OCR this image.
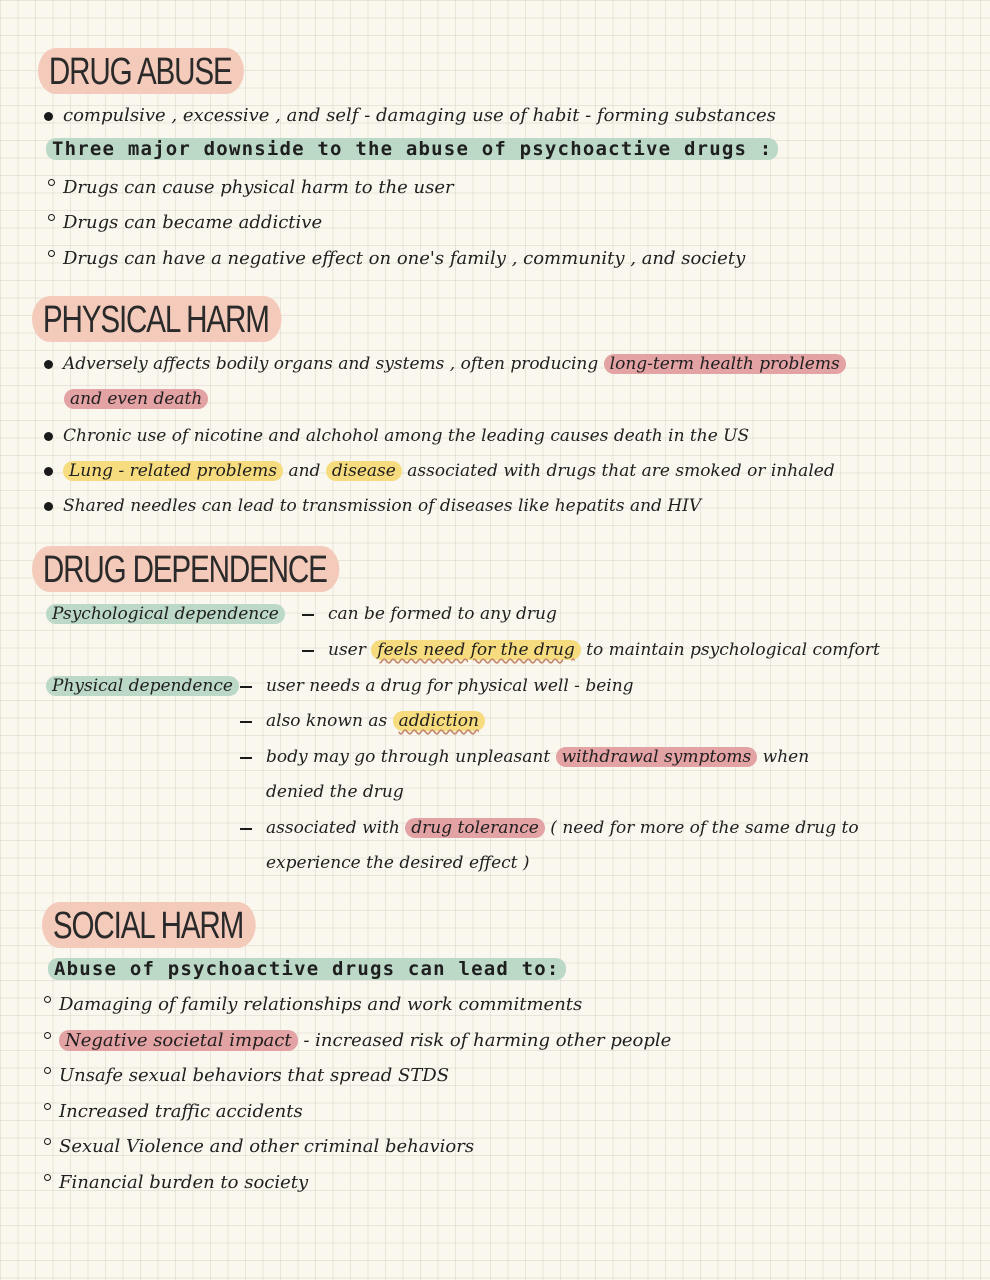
DRUG ABUSE
compulsive , excessive , and self - damaging use of habit - forming substances
Three major downside to the abuse of psychoactive drugs :
Drugs can cause physical harm to the user
Drugs can became addictive
Drugs can have a negative effect on one's family , community , and society
PHYSICAL HARM
Adversely affects bodily organs and systems , often producing long-term health problems
and even death
Chronic use of nicotine and alchohol among the leading causes death in the US
Lung - related problems and disease associated with drugs that are smoked or inhaled
Shared needles can lead to transmission of diseases like hepatits and HIV
DRUG DEPENDENCE
Psychological dependence	can be formed to any drug
user feels need for the drug to maintain psychological comfort
Physical dependence	user needs a drug for physical well - being
also known as addiction
body may go through unpleasant withdrawal symptoms when
denied the drug
associated with drug tolerance ( need for more of the same drug to
experience the desired effect )
SOCIAL HARM
Abuse of psychoactive drugs can lead to:
Damaging of family relationships and work commitments
Negative societal impact - increased risk of harming other people
Unsafe sexual behaviors that spread STDS
Increased traffic accidents
Sexual Violence and other criminal behaviors
Financial burden to society
